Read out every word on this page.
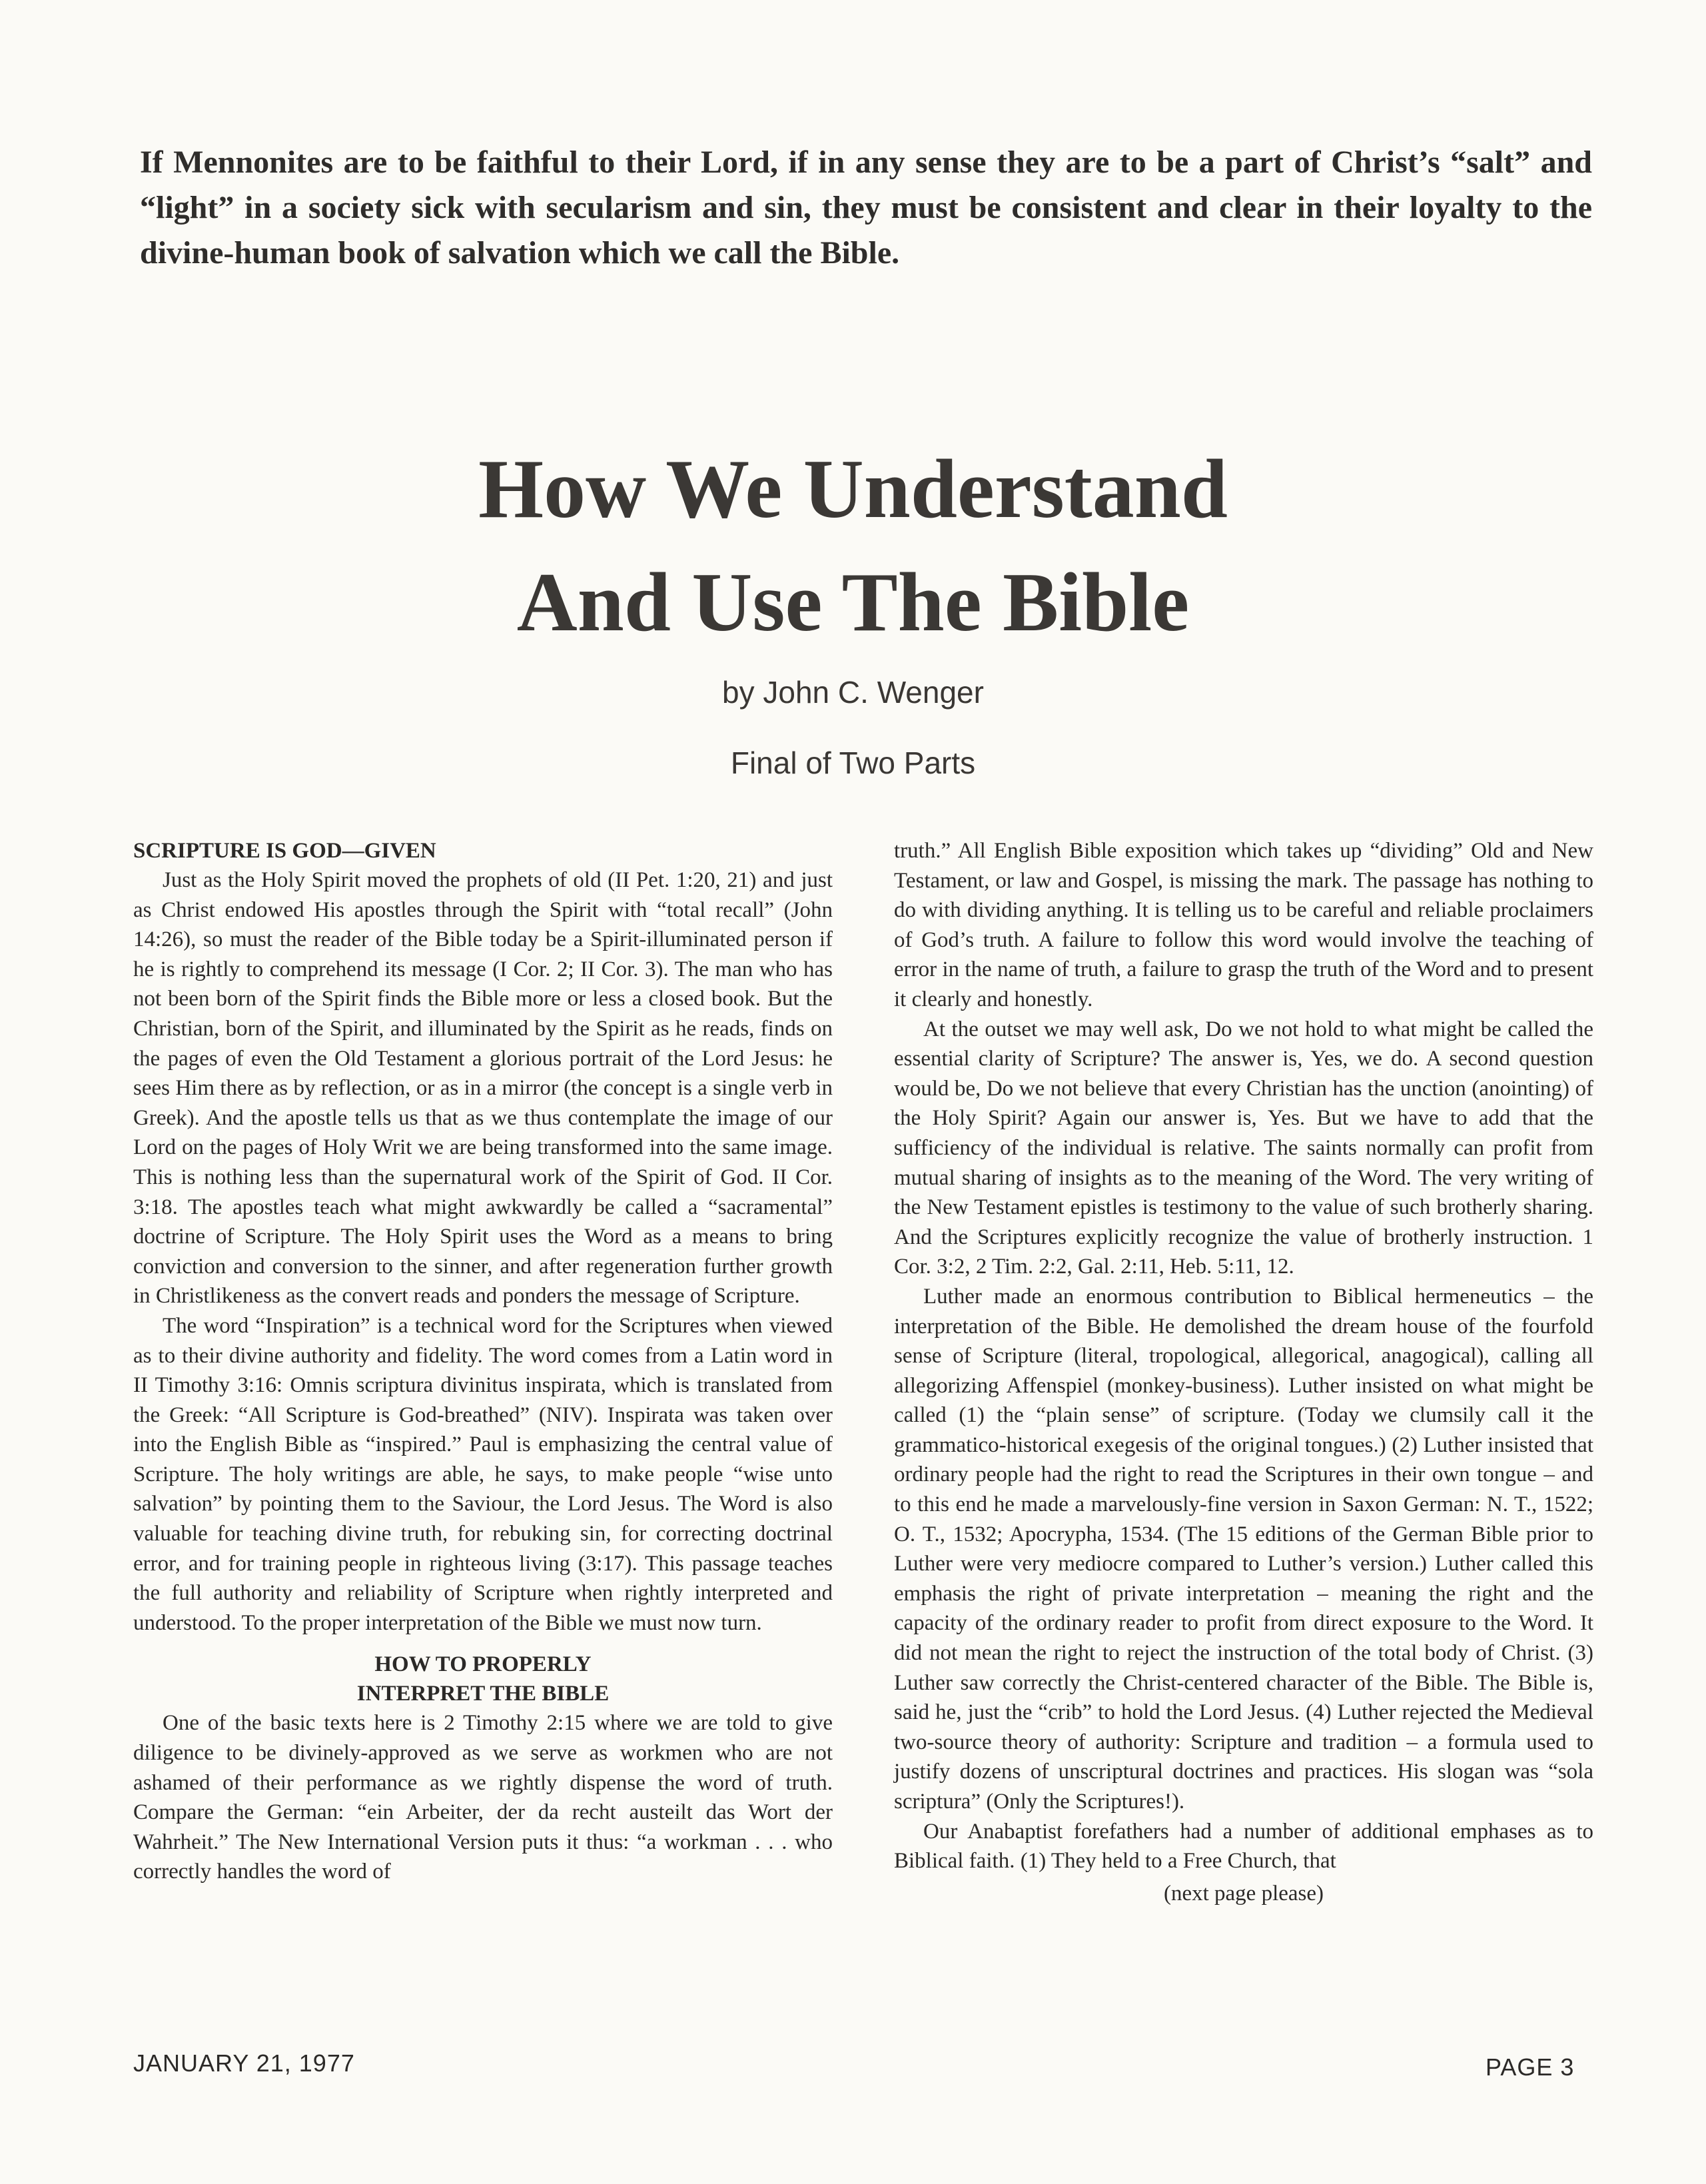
If Mennonites are to be faithful to their Lord, if in any sense they are to be a part of Christ’s “salt” and “light” in a society sick with secularism and sin, they must be consistent and clear in their loyalty to the divine-human book of salvation which we call the Bible.
How We Understand
And Use The Bible
by John C. Wenger
Final of Two Parts
SCRIPTURE IS GOD—GIVEN

Just as the Holy Spirit moved the prophets of old (II Pet. 1:20, 21) and just as Christ endowed His apostles through the Spirit with “total recall” (John 14:26), so must the reader of the Bible today be a Spirit-illuminated person if he is rightly to comprehend its message (I Cor. 2; II Cor. 3). The man who has not been born of the Spirit finds the Bible more or less a closed book. But the Christian, born of the Spirit, and illuminated by the Spirit as he reads, finds on the pages of even the Old Testament a glorious portrait of the Lord Jesus: he sees Him there as by reflection, or as in a mirror (the concept is a single verb in Greek). And the apostle tells us that as we thus contemplate the image of our Lord on the pages of Holy Writ we are being transformed into the same image. This is nothing less than the supernatural work of the Spirit of God. II Cor. 3:18. The apostles teach what might awkwardly be called a “sacramental” doctrine of Scripture. The Holy Spirit uses the Word as a means to bring conviction and conversion to the sinner, and after regeneration further growth in Christlikeness as the convert reads and ponders the message of Scripture.

The word “Inspiration” is a technical word for the Scriptures when viewed as to their divine authority and fidelity. The word comes from a Latin word in II Timothy 3:16: Omnis scriptura divinitus inspirata, which is translated from the Greek: “All Scripture is God-breathed” (NIV). Inspirata was taken over into the English Bible as “inspired.” Paul is emphasizing the central value of Scripture. The holy writings are able, he says, to make people “wise unto salvation” by pointing them to the Saviour, the Lord Jesus. The Word is also valuable for teaching divine truth, for rebuking sin, for correcting doctrinal error, and for training people in righteous living (3:17). This passage teaches the full authority and reliability of Scripture when rightly interpreted and understood. To the proper interpretation of the Bible we must now turn.

HOW TO PROPERLY
INTERPRET THE BIBLE

One of the basic texts here is 2 Timothy 2:15 where we are told to give diligence to be divinely-approved as we serve as workmen who are not ashamed of their performance as we rightly dispense the word of truth. Compare the German: “ein Arbeiter, der da recht austeilt das Wort der Wahrheit.” The New International Version puts it thus: “a workman . . . who correctly handles the word of

truth.” All English Bible exposition which takes up “dividing” Old and New Testament, or law and Gospel, is missing the mark. The passage has nothing to do with dividing anything. It is telling us to be careful and reliable proclaimers of God’s truth. A failure to follow this word would involve the teaching of error in the name of truth, a failure to grasp the truth of the Word and to present it clearly and honestly.

At the outset we may well ask, Do we not hold to what might be called the essential clarity of Scripture? The answer is, Yes, we do. A second question would be, Do we not believe that every Christian has the unction (anointing) of the Holy Spirit? Again our answer is, Yes. But we have to add that the sufficiency of the individual is relative. The saints normally can profit from mutual sharing of insights as to the meaning of the Word. The very writing of the New Testament epistles is testimony to the value of such brotherly sharing. And the Scriptures explicitly recognize the value of brotherly instruction. 1 Cor. 3:2, 2 Tim. 2:2, Gal. 2:11, Heb. 5:11, 12.

Luther made an enormous contribution to Biblical hermeneutics – the interpretation of the Bible. He demolished the dream house of the fourfold sense of Scripture (literal, tropological, allegorical, anagogical), calling all allegorizing Affenspiel (monkey-business). Luther insisted on what might be called (1) the “plain sense” of scripture. (Today we clumsily call it the grammatico-historical exegesis of the original tongues.) (2) Luther insisted that ordinary people had the right to read the Scriptures in their own tongue – and to this end he made a marvelously-fine version in Saxon German: N. T., 1522; O. T., 1532; Apocrypha, 1534. (The 15 editions of the German Bible prior to Luther were very mediocre compared to Luther’s version.) Luther called this emphasis the right of private interpretation – meaning the right and the capacity of the ordinary reader to profit from direct exposure to the Word. It did not mean the right to reject the instruction of the total body of Christ. (3) Luther saw correctly the Christ-centered character of the Bible. The Bible is, said he, just the “crib” to hold the Lord Jesus. (4) Luther rejected the Medieval two-source theory of authority: Scripture and tradition – a formula used to justify dozens of unscriptural doctrines and practices. His slogan was “sola scriptura” (Only the Scriptures!).

Our Anabaptist forefathers had a number of additional emphases as to Biblical faith. (1) They held to a Free Church, that

(next page please)

JANUARY 21, 1977	PAGE 3
